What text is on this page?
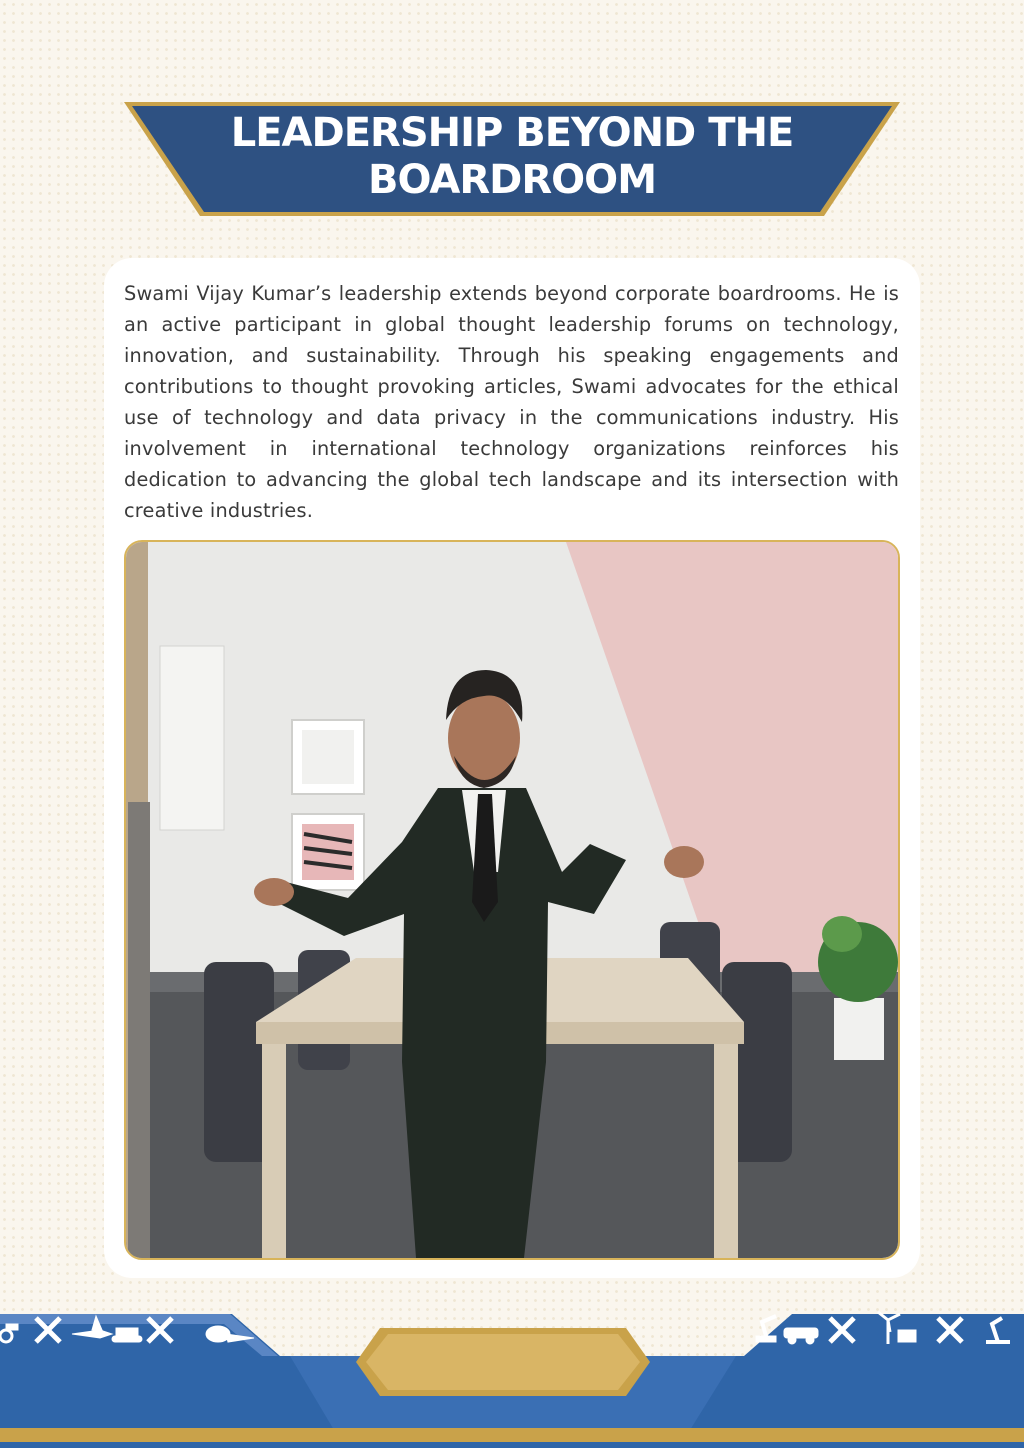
LEADERSHIP BEYOND THE BOARDROOM

Swami Vijay Kumar’s leadership extends beyond corporate boardrooms. He is an active participant in global thought leadership forums on technology, innovation, and sustainability. Through his speaking engagements and contributions to thought provoking articles, Swami advocates for the ethical use of technology and data privacy in the communications industry. His involvement in international technology organizations reinforces his dedication to advancing the global tech landscape and its intersection with creative industries.
